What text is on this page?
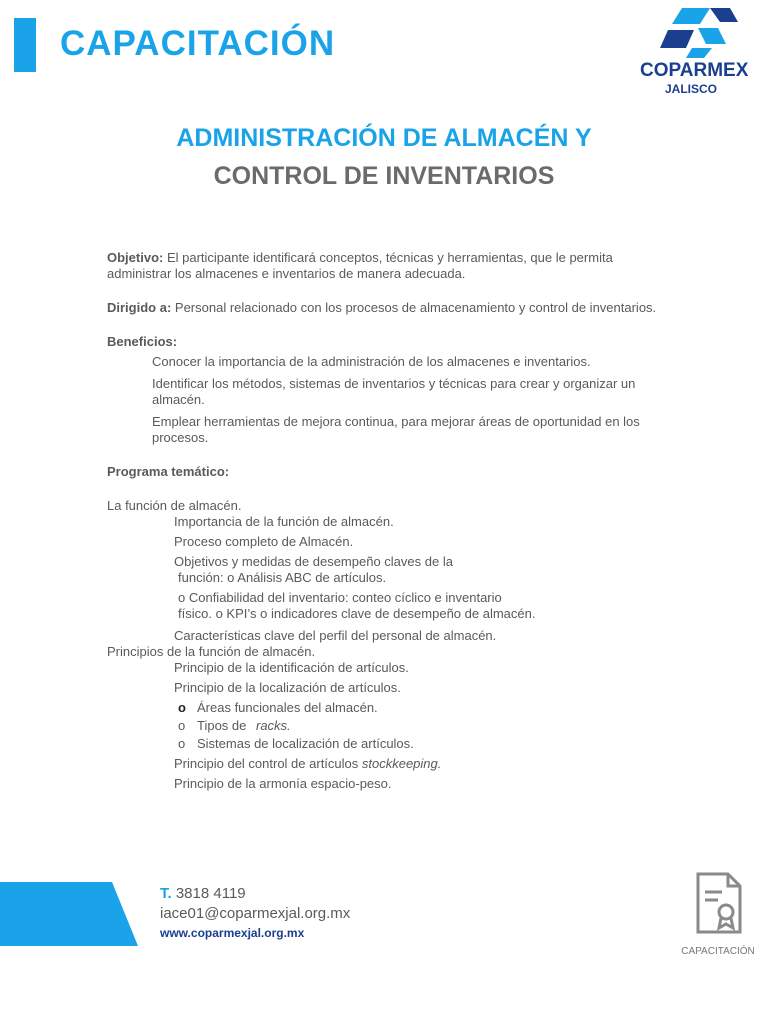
CAPACITACIÓN
COPARMEX
JALISCO
ADMINISTRACIÓN DE ALMACÉN Y
CONTROL DE INVENTARIOS

Objetivo: El participante identificará conceptos, técnicas y herramientas, que le permita administrar los almacenes e inventarios de manera adecuada.

Dirigido a: Personal relacionado con los procesos de almacenamiento y control de inventarios.

Beneficios:
Conocer la importancia de la administración de los almacenes e inventarios.
Identificar los métodos, sistemas de inventarios y técnicas para crear y organizar un almacén.
Emplear herramientas de mejora continua, para mejorar áreas de oportunidad en los procesos.
Programa temático:
La función de almacén.
Importancia de la función de almacén.
Proceso completo de Almacén.
Objetivos y medidas de desempeño claves de la
función: o Análisis ABC de artículos.
o Confiabilidad del inventario: conteo cíclico e inventario
físico. o KPI’s o indicadores clave de desempeño de almacén.
Características clave del perfil del personal de almacén.
Principios de la función de almacén.
Principio de la identificación de artículos.
Principio de la localización de artículos.
o Áreas funcionales del almacén.
o Tipos de racks.
o Sistemas de localización de artículos.
Principio del control de artículos stockkeeping.
Principio de la armonía espacio-peso.
T. 3818 4119
iace01@coparmexjal.org.mx
www.coparmexjal.org.mx
CAPACITACIÓN
